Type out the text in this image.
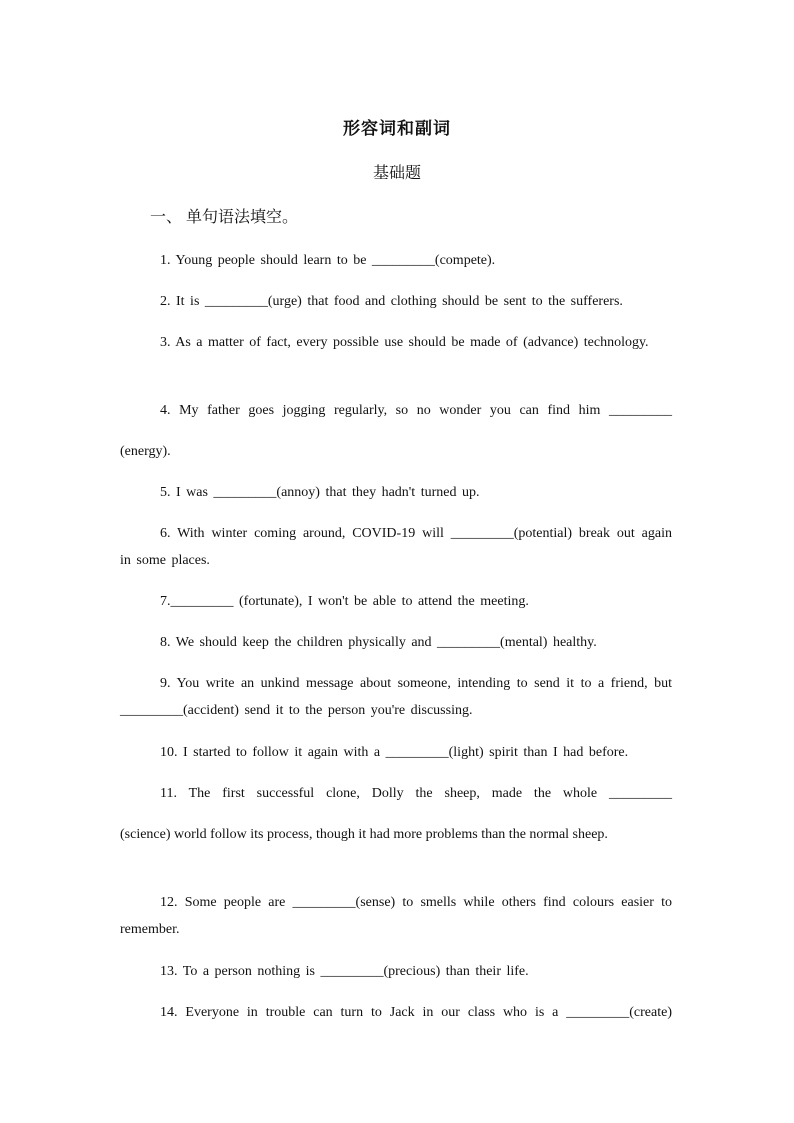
形容词和副词
基础题
一、 单句语法填空。
1. Young people should learn to be _________(compete).
2. It is _________(urge) that food and clothing should be sent to the sufferers.
3. As a matter of fact, every possible use should be made of (advance) technology.
4. My father goes jogging regularly, so no wonder you can find him _________
(energy).
5. I was _________(annoy) that they hadn't turned up.
6. With winter coming around, COVID-19 will _________(potential) break out again in some places.
7._________ (fortunate), I won't be able to attend the meeting.
8. We should keep the children physically and _________(mental) healthy.
9. You write an unkind message about someone, intending to send it to a friend, but _________(accident) send it to the person you're discussing.
10. I started to follow it again with a _________(light) spirit than I had before.
11. The first successful clone, Dolly the sheep, made the whole _________
(science) world follow its process, though it had more problems than the normal sheep.
12. Some people are _________(sense) to smells while others find colours easier to remember.
13. To a person nothing is _________(precious) than their life.
14. Everyone in trouble can turn to Jack in our class who is a _________(create)
